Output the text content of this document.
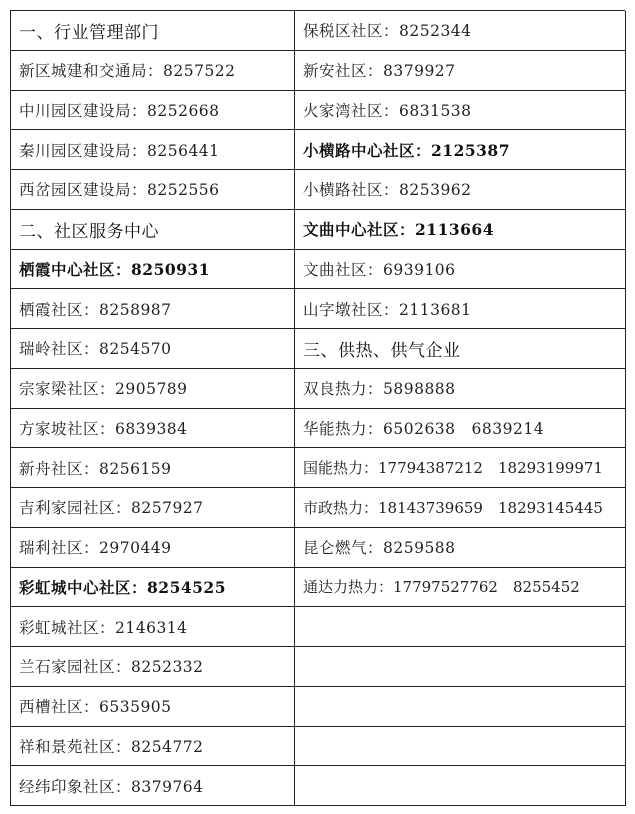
一、行业管理部门	保税区社区：8252344
新区城建和交通局：8257522	新安社区：8379927
中川园区建设局：8252668	火家湾社区：6831538
秦川园区建设局：8256441	小横路中心社区：2125387
西岔园区建设局：8252556	小横路社区：8253962
二、社区服务中心	文曲中心社区：2113664
栖霞中心社区：8250931	文曲社区：6939106
栖霞社区：8258987	山字墩社区：2113681
瑞岭社区：8254570	三、供热、供气企业
宗家梁社区：2905789	双良热力：5898888
方家坡社区：6839384	华能热力：6502638　6839214
新舟社区：8256159	国能热力：17794387212　18293199971
吉利家园社区：8257927	市政热力：18143739659　18293145445
瑞利社区：2970449	昆仑燃气：8259588
彩虹城中心社区：8254525	通达力热力：17797527762　8255452
彩虹城社区：2146314
兰石家园社区：8252332
西槽社区：6535905
祥和景苑社区：8254772
经纬印象社区：8379764
